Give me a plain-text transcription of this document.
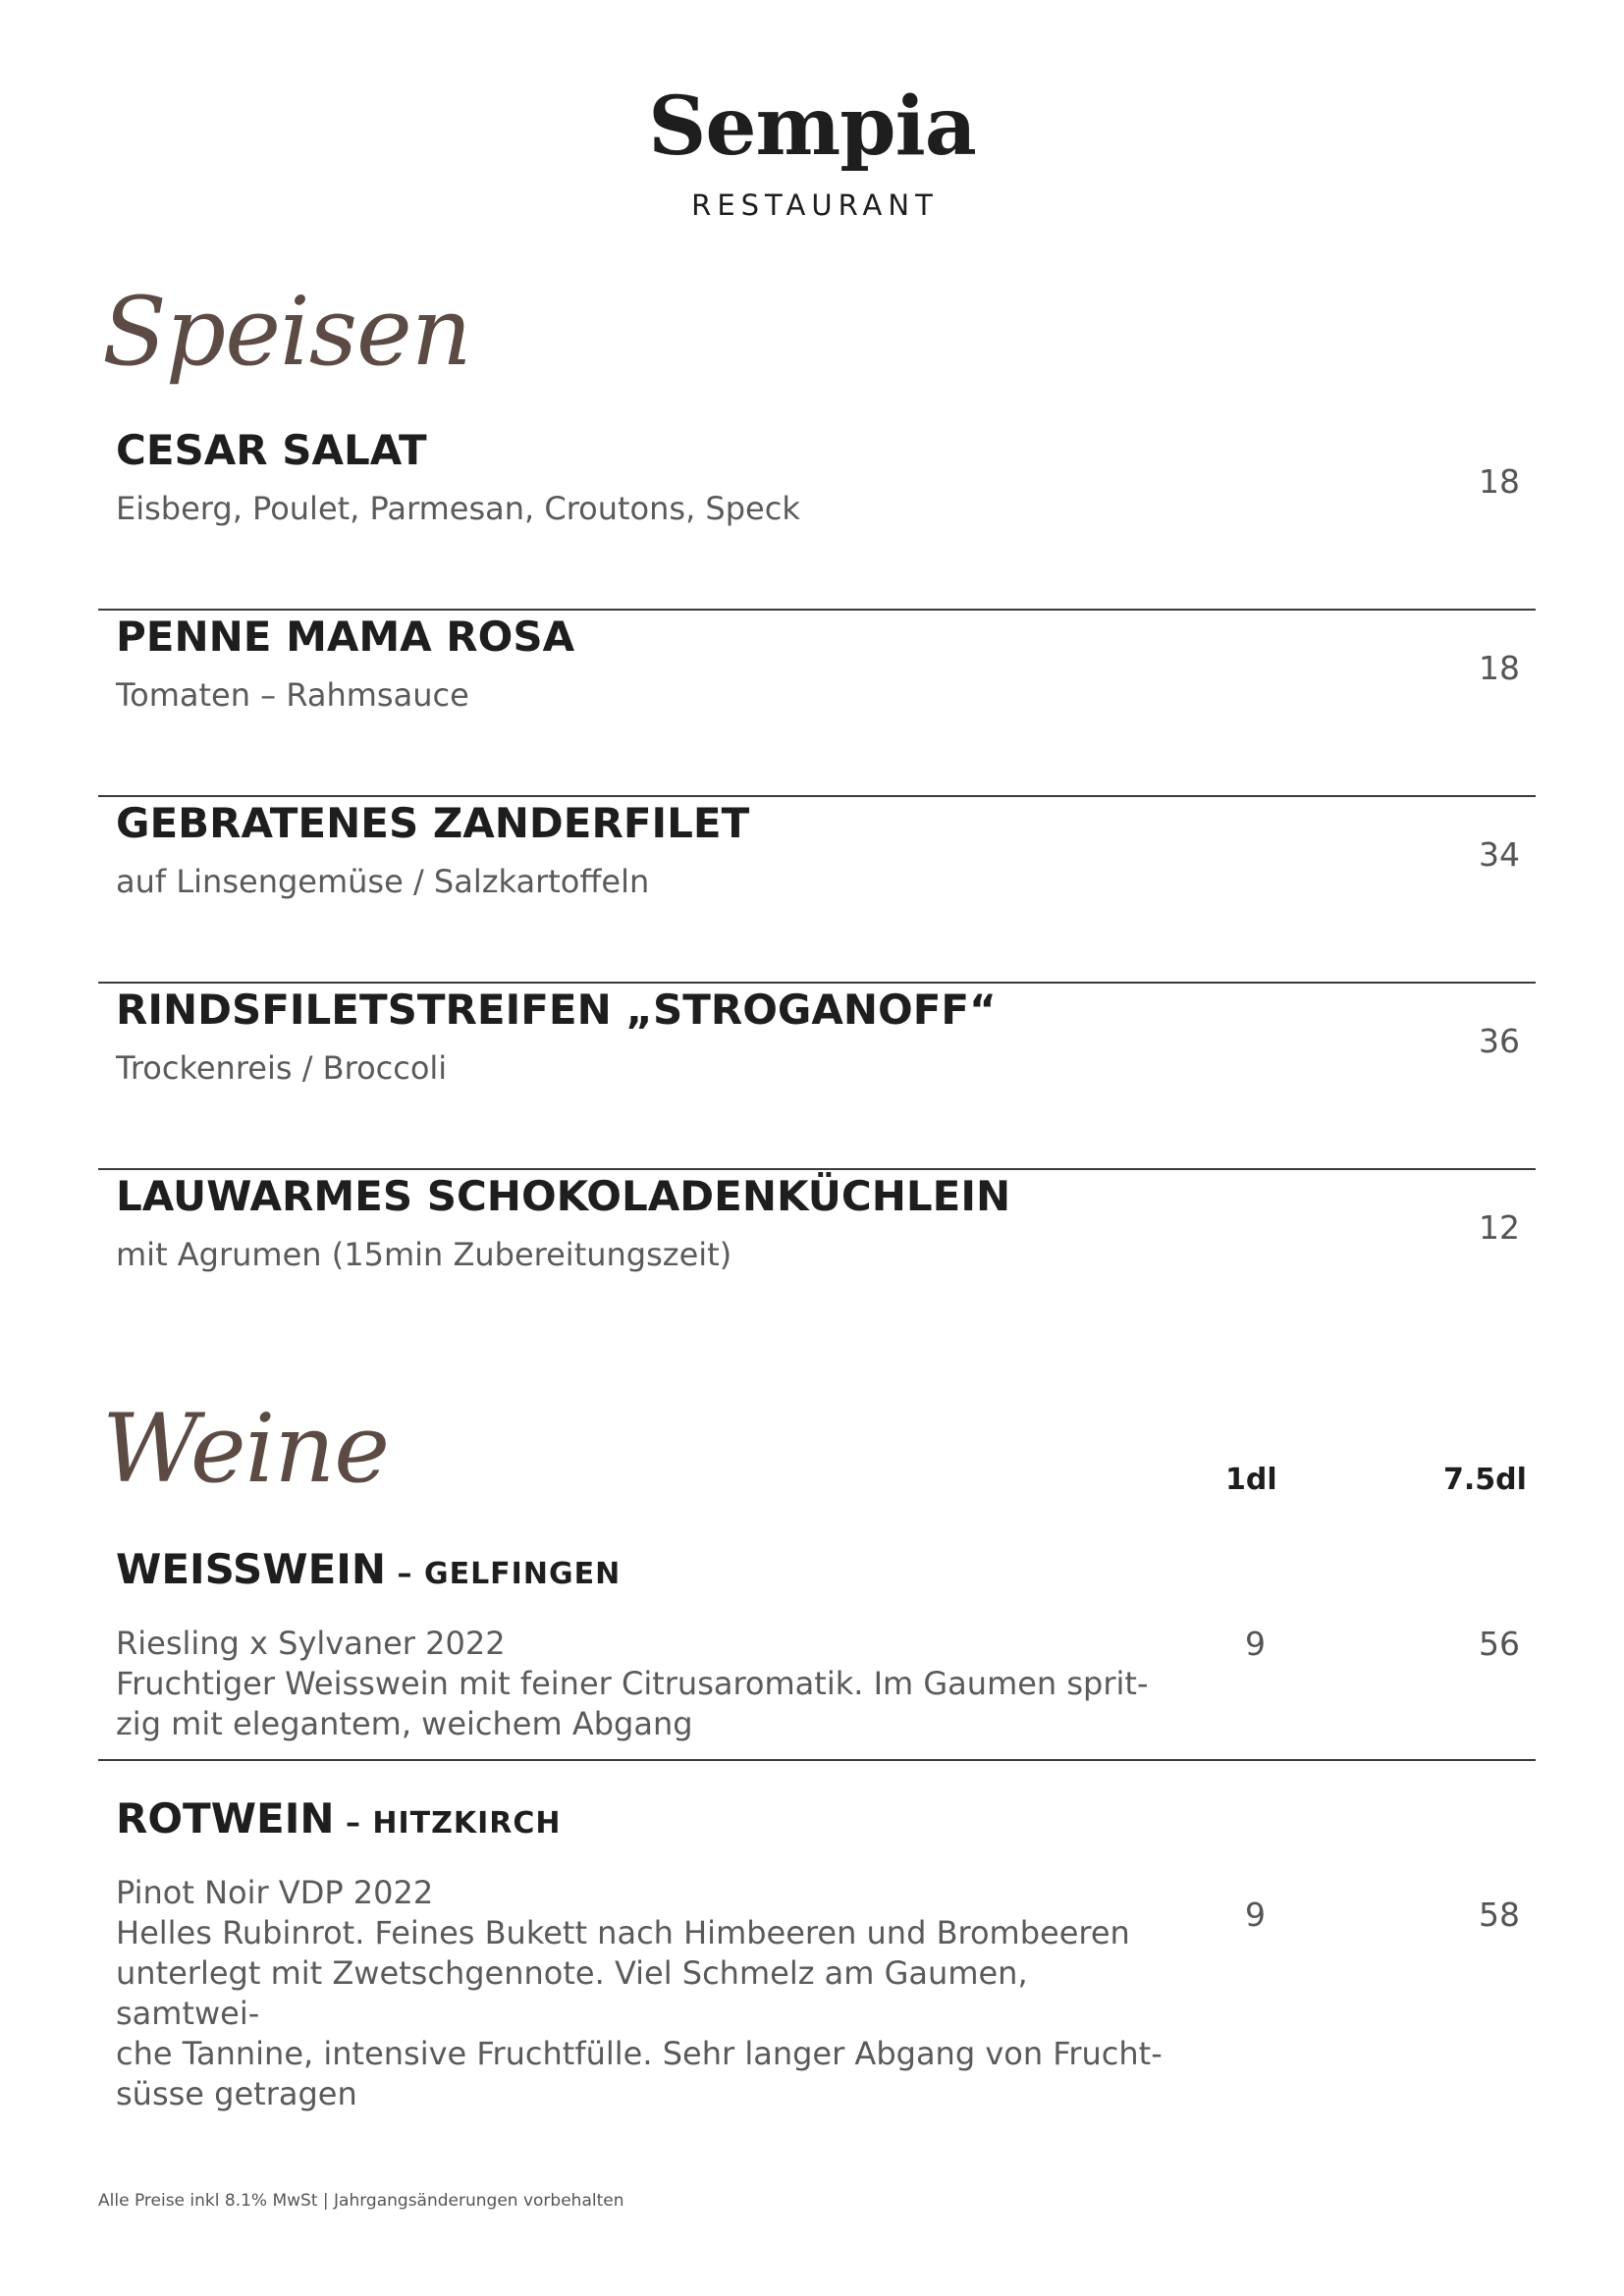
Sempia
RESTAURANT
Speisen
CESAR SALAT
Eisberg, Poulet, Parmesan, Croutons, Speck
18
PENNE MAMA ROSA
Tomaten – Rahmsauce
18
GEBRATENES ZANDERFILET
auf Linsengemüse / Salzkartoffeln
34
RINDSFILETSTREIFEN „STROGANOFF“
Trockenreis / Broccoli
36
LAUWARMES SCHOKOLADENKÜCHLEIN
mit Agrumen (15min Zubereitungszeit)
12
Weine	1dl	7.5dl
WEISSWEIN – GELFINGEN
Riesling x Sylvaner 2022
Fruchtiger Weisswein mit feiner Citrusaromatik. Im Gaumen sprit-
zig mit elegantem, weichem Abgang
9	56
ROTWEIN – HITZKIRCH
Pinot Noir VDP 2022
Helles Rubinrot. Feines Bukett nach Himbeeren und Brombeeren
unterlegt mit Zwetschgennote. Viel Schmelz am Gaumen, samtwei-
che Tannine, intensive Fruchtfülle. Sehr langer Abgang von Frucht-
süsse getragen
9	58
Alle Preise inkl 8.1% MwSt | Jahrgangsänderungen vorbehalten
